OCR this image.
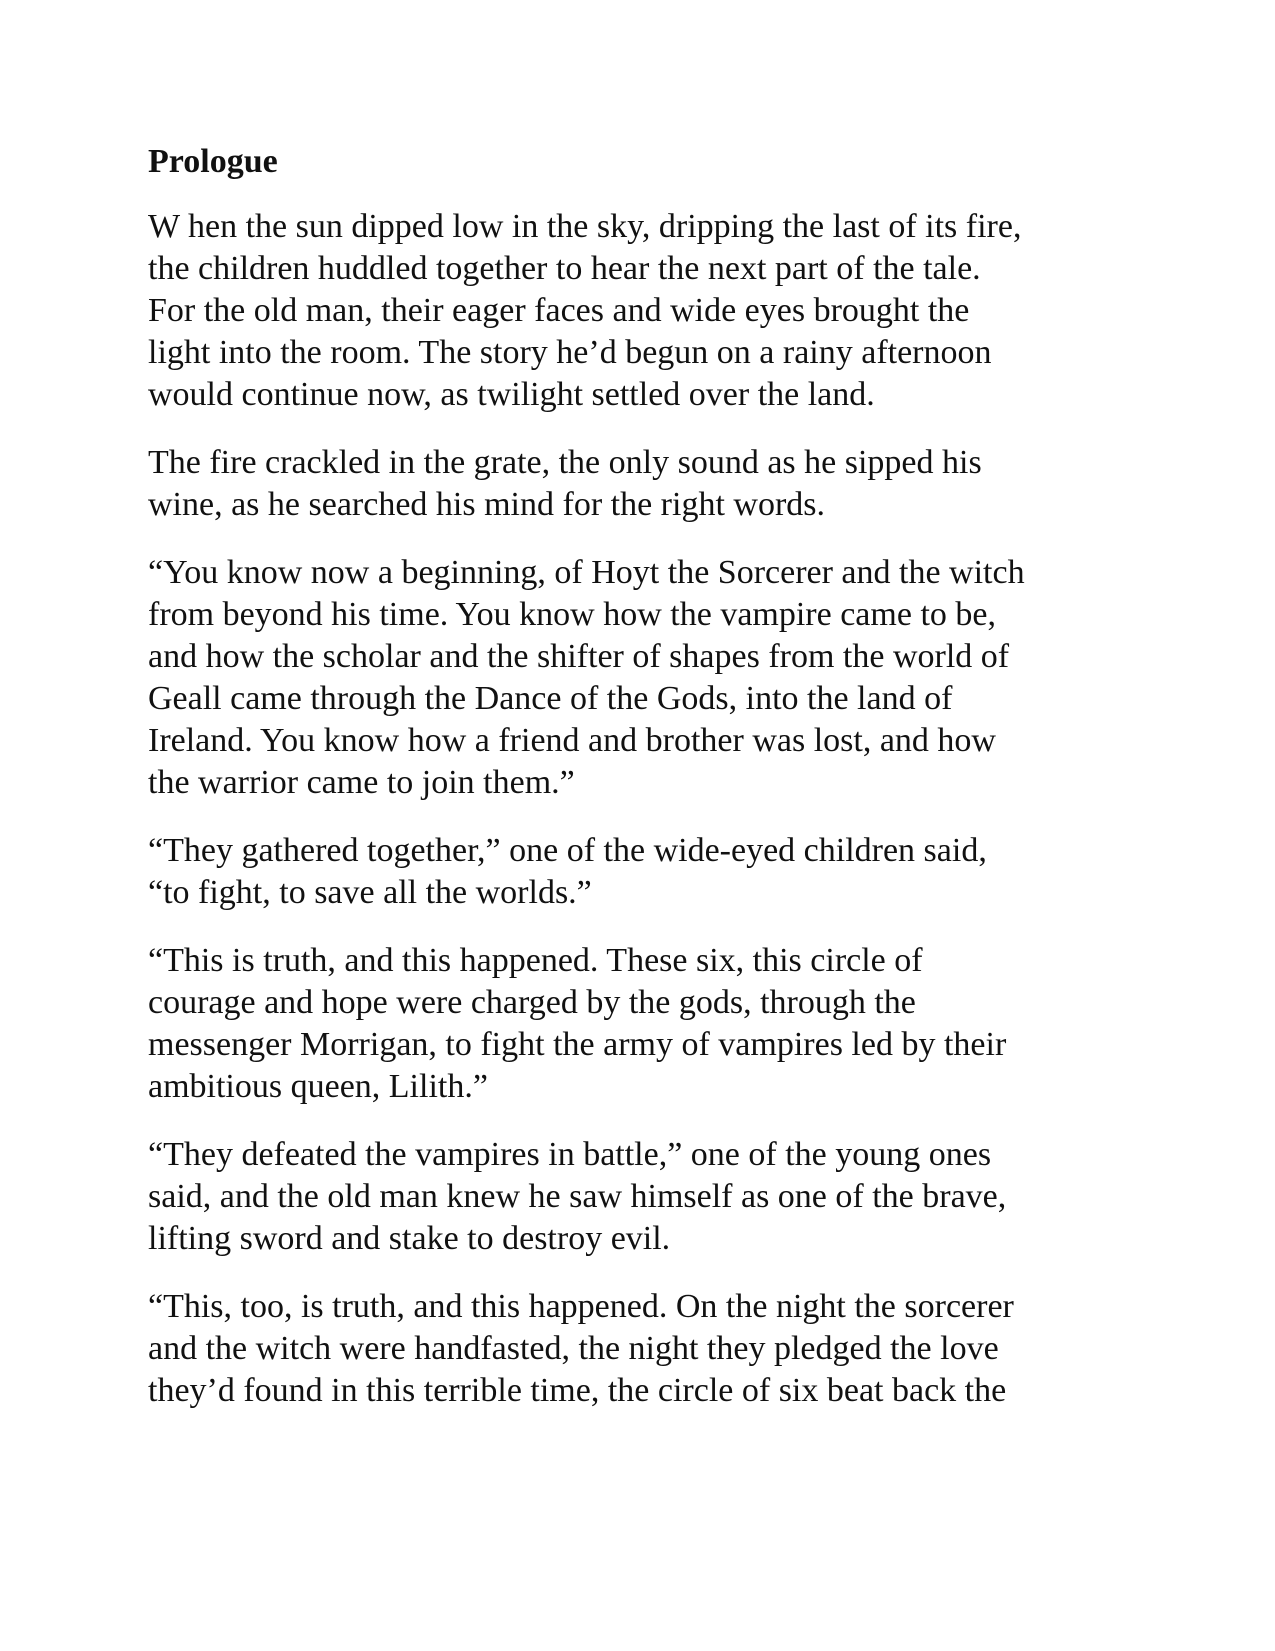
Prologue
W hen the sun dipped low in the sky, dripping the last of its fire,
the children huddled together to hear the next part of the tale.
For the old man, their eager faces and wide eyes brought the
light into the room. The story he’d begun on a rainy afternoon
would continue now, as twilight settled over the land.
The fire crackled in the grate, the only sound as he sipped his
wine, as he searched his mind for the right words.
“You know now a beginning, of Hoyt the Sorcerer and the witch
from beyond his time. You know how the vampire came to be,
and how the scholar and the shifter of shapes from the world of
Geall came through the Dance of the Gods, into the land of
Ireland. You know how a friend and brother was lost, and how
the warrior came to join them.”
“They gathered together,” one of the wide-eyed children said,
“to fight, to save all the worlds.”
“This is truth, and this happened. These six, this circle of
courage and hope were charged by the gods, through the
messenger Morrigan, to fight the army of vampires led by their
ambitious queen, Lilith.”
“They defeated the vampires in battle,” one of the young ones
said, and the old man knew he saw himself as one of the brave,
lifting sword and stake to destroy evil.
“This, too, is truth, and this happened. On the night the sorcerer
and the witch were handfasted, the night they pledged the love
they’d found in this terrible time, the circle of six beat back the
